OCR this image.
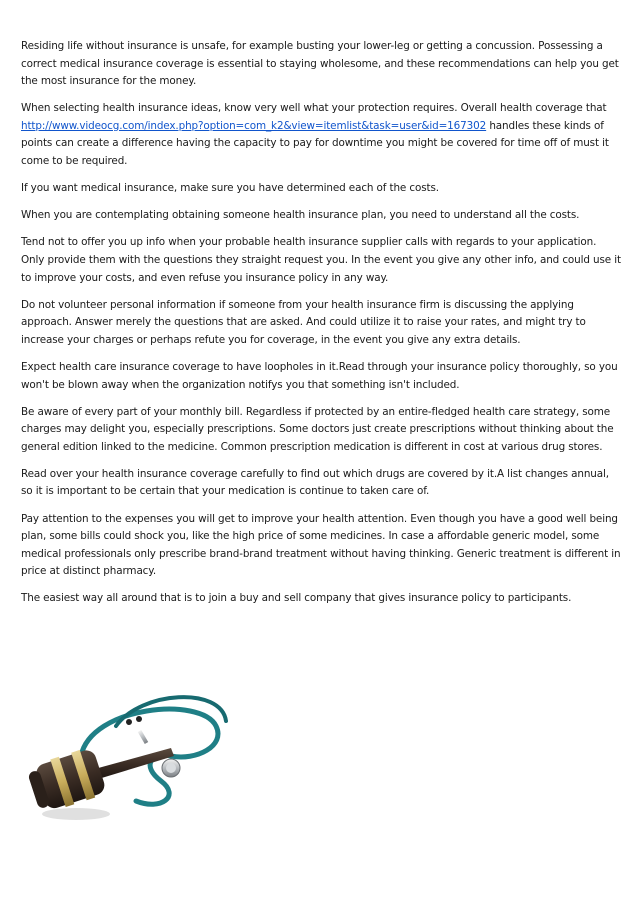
Residing life without insurance is unsafe, for example busting your lower-leg or getting a concussion. Possessing a correct medical insurance coverage is essential to staying wholesome, and these recommendations can help you get the most insurance for the money.

When selecting health insurance ideas, know very well what your protection requires. Overall health coverage that http://www.videocg.com/index.php?option=com_k2&view=itemlist&task=user&id=167302 handles these kinds of points can create a difference having the capacity to pay for downtime you might be covered for time off of must it come to be required.

If you want medical insurance, make sure you have determined each of the costs.

When you are contemplating obtaining someone health insurance plan, you need to understand all the costs.

Tend not to offer you up info when your probable health insurance supplier calls with regards to your application. Only provide them with the questions they straight request you. In the event you give any other info, and could use it to improve your costs, and even refuse you insurance policy in any way.

Do not volunteer personal information if someone from your health insurance firm is discussing the applying approach. Answer merely the questions that are asked. And could utilize it to raise your rates, and might try to increase your charges or perhaps refute you for coverage, in the event you give any extra details.

Expect health care insurance coverage to have loopholes in it.Read through your insurance policy thoroughly, so you won't be blown away when the organization notifys you that something isn't included.

Be aware of every part of your monthly bill. Regardless if protected by an entire-fledged health care strategy, some charges may delight you, especially prescriptions. Some doctors just create prescriptions without thinking about the general edition linked to the medicine. Common prescription medication is different in cost at various drug stores.

Read over your health insurance coverage carefully to find out which drugs are covered by it.A list changes annual, so it is important to be certain that your medication is continue to taken care of.

Pay attention to the expenses you will get to improve your health attention. Even though you have a good well being plan, some bills could shock you, like the high price of some medicines. In case a affordable generic model, some medical professionals only prescribe brand-brand treatment without having thinking. Generic treatment is different in price at distinct pharmacy.

The easiest way all around that is to join a buy and sell company that gives insurance policy to participants.
